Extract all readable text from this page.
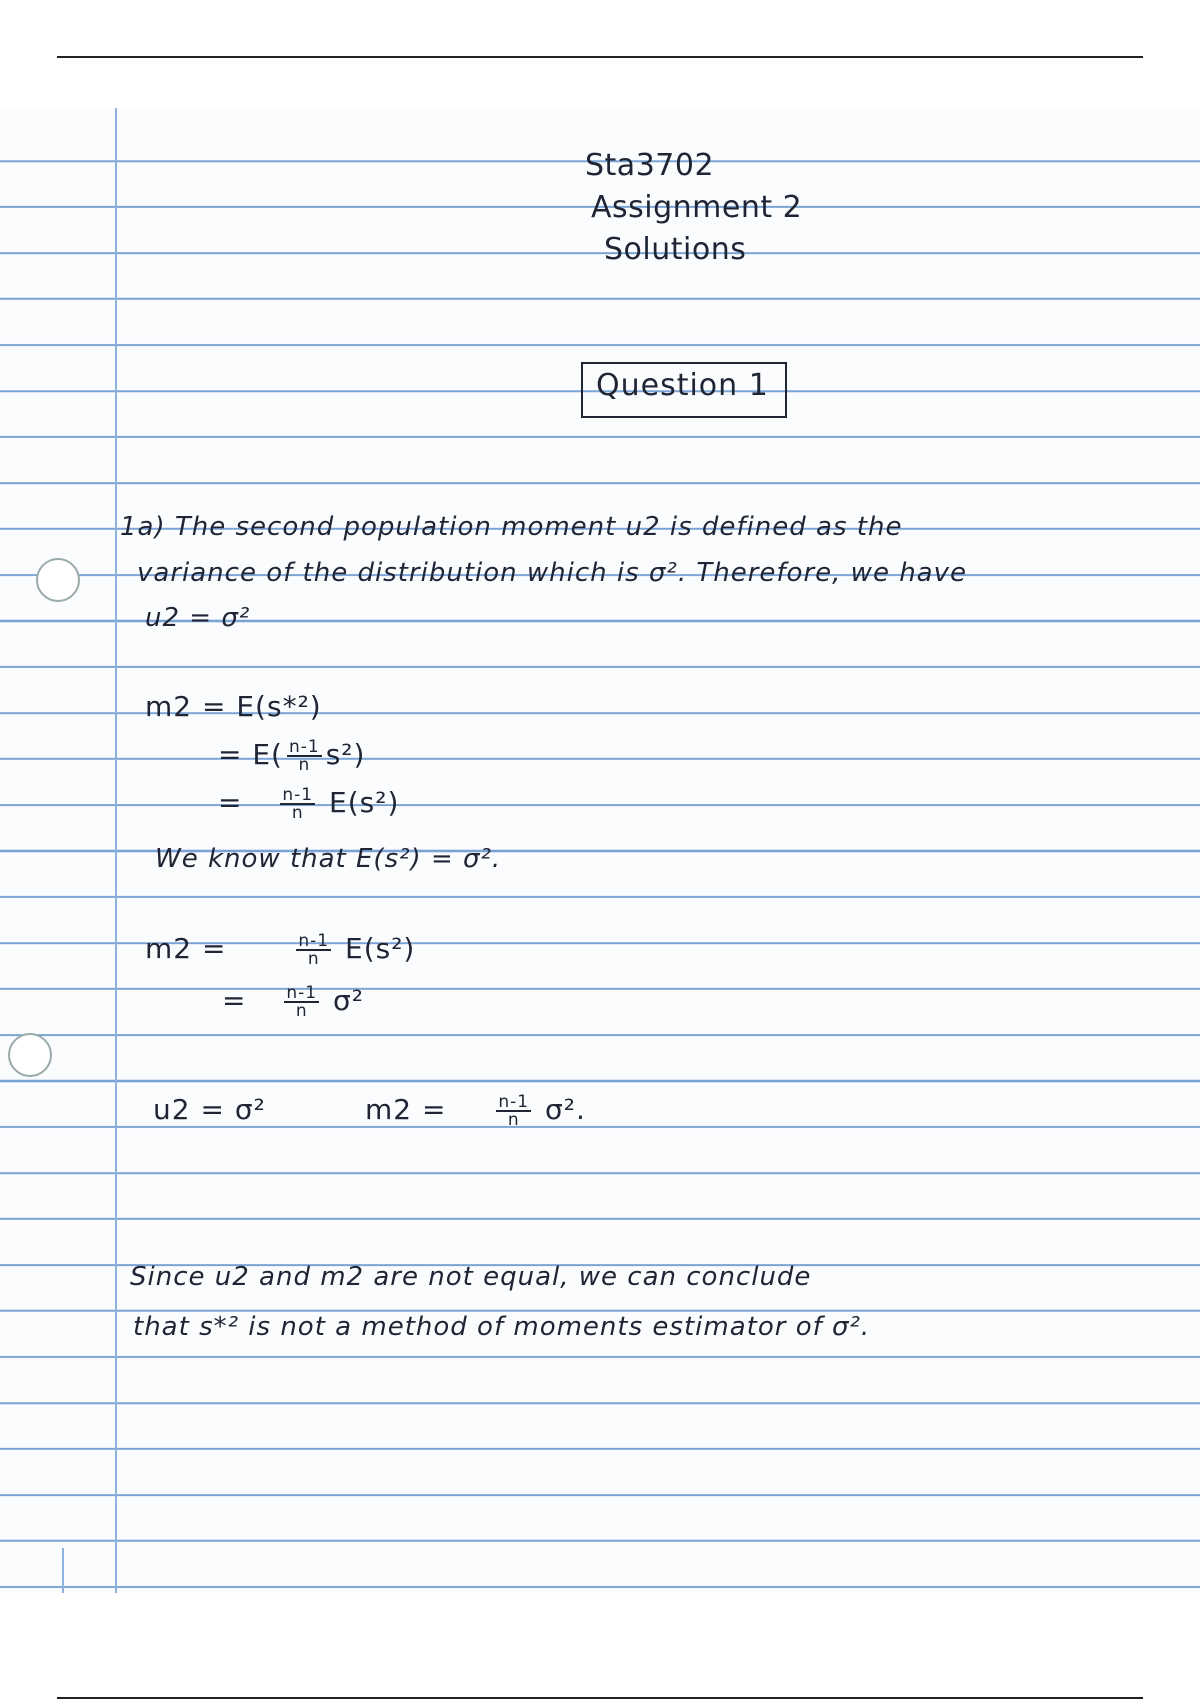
Sta3702
Assignment 2
Solutions
Question 1
1a) The second population moment u2 is defined as the
variance of the distribution which is σ². Therefore, we have
u2 = σ²
m2 = E(s*²)
= $E( \frac{n-1}{n} s^2)$
= $\frac{n-1}{n} E(s^2)$
We know that E(s²) = σ².
m2 =	$\frac{n-1}{n} E(s^2)$
= $\frac{n-1}{n} \sigma^2$
u2 = σ²	m2 =	$\frac{n-1}{n} \sigma^2$.
Since u2 and m2 are not equal, we can conclude
that s*² is not a method of moments estimator of σ².
